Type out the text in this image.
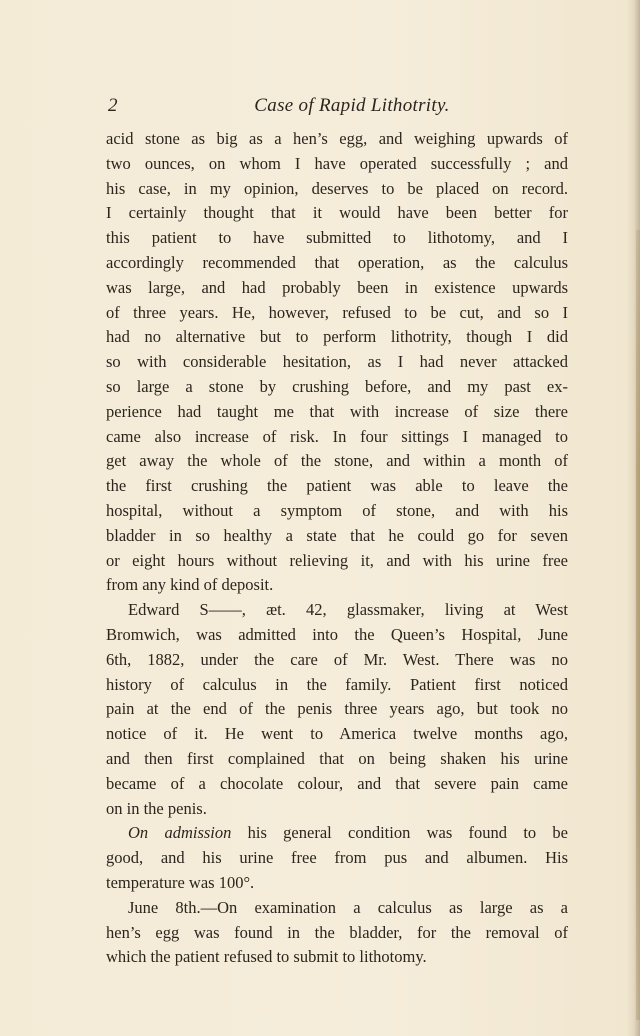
2	Case of Rapid Lithotrity.
acid stone as big as a hen’s egg, and weighing upwards of
two ounces, on whom I have operated successfully ; and
his case, in my opinion, deserves to be placed on record.
I certainly thought that it would have been better for
this patient to have submitted to lithotomy, and I
accordingly recommended that operation, as the calculus
was large, and had probably been in existence upwards
of three years. He, however, refused to be cut, and so I
had no alternative but to perform lithotrity, though I did
so with considerable hesitation, as I had never attacked
so large a stone by crushing before, and my past ex-
perience had taught me that with increase of size there
came also increase of risk. In four sittings I managed to
get away the whole of the stone, and within a month of
the first crushing the patient was able to leave the
hospital, without a symptom of stone, and with his
bladder in so healthy a state that he could go for seven
or eight hours without relieving it, and with his urine free
from any kind of deposit.
Edward S——, æt. 42, glassmaker, living at West
Bromwich, was admitted into the Queen’s Hospital, June
6th, 1882, under the care of Mr. West. There was no
history of calculus in the family. Patient first noticed
pain at the end of the penis three years ago, but took no
notice of it. He went to America twelve months ago,
and then first complained that on being shaken his urine
became of a chocolate colour, and that severe pain came
on in the penis.
On admission his general condition was found to be
good, and his urine free from pus and albumen. His
temperature was 100°.
June 8th.—On examination a calculus as large as a
hen’s egg was found in the bladder, for the removal of
which the patient refused to submit to lithotomy.
